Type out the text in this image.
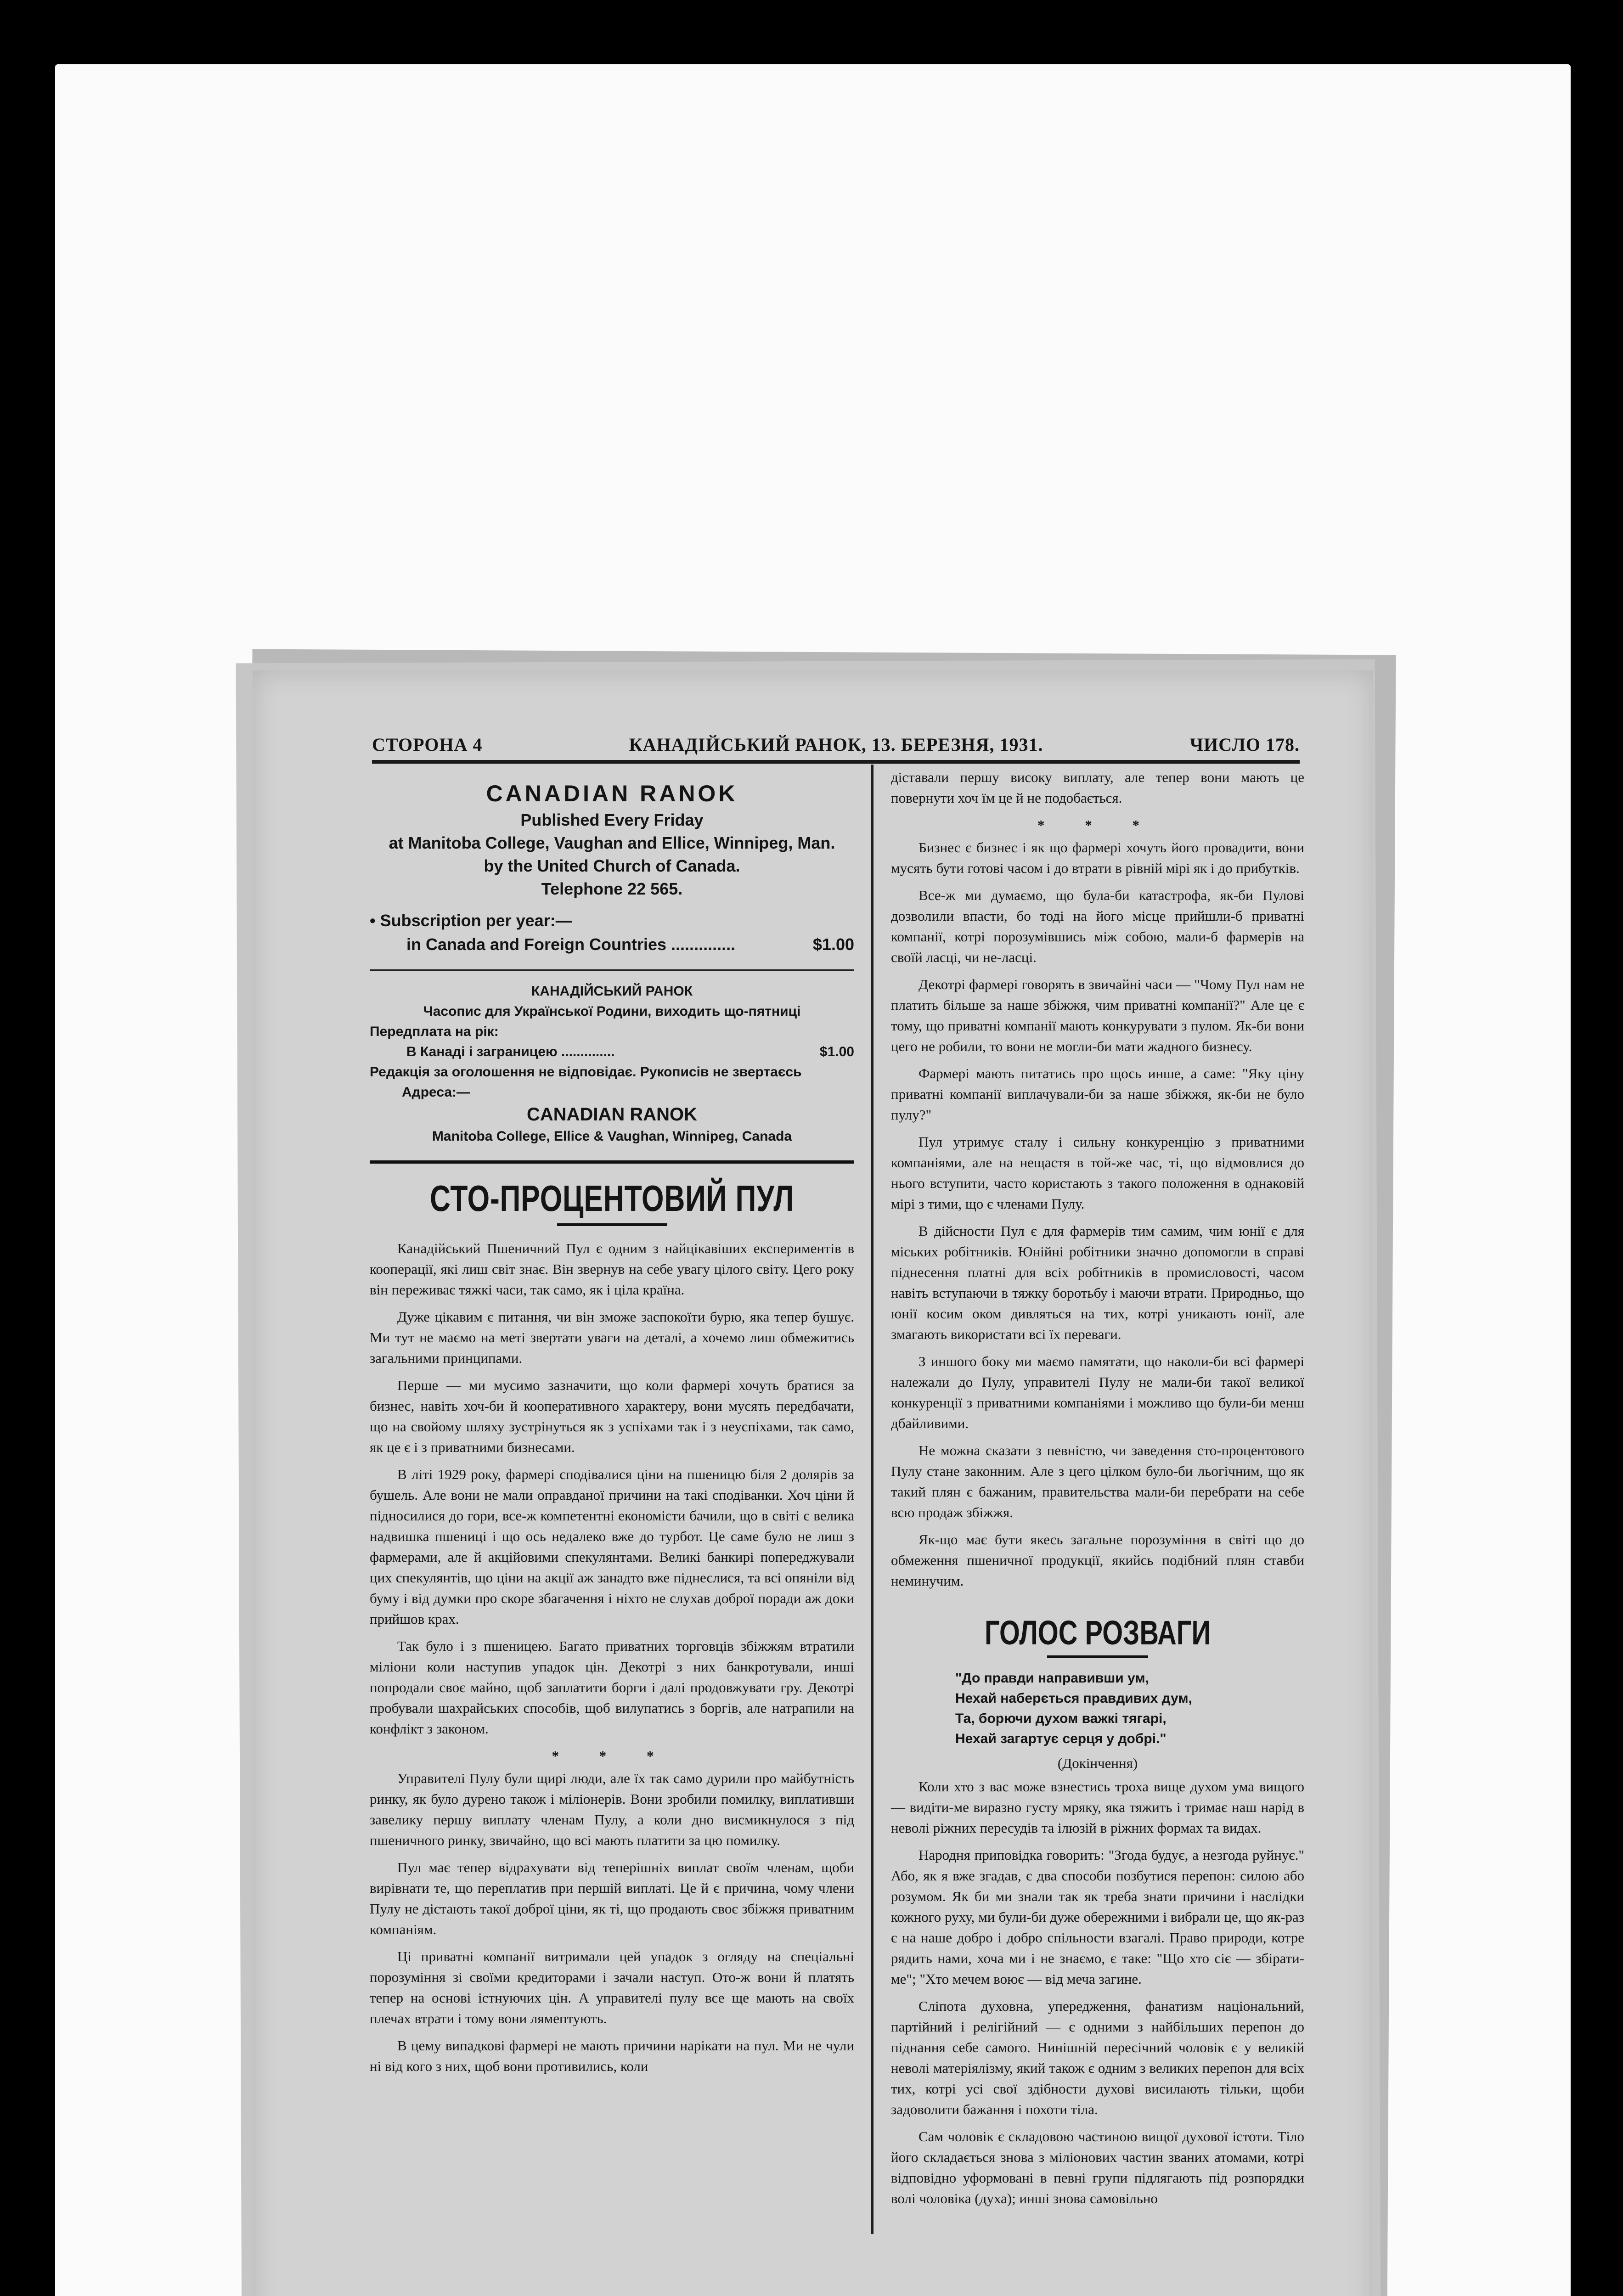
СТОРОНА 4	КАНАДІЙСЬКИЙ РАНОК, 13. БЕРЕЗНЯ, 1931.	ЧИСЛО 178.
CANADIAN RANOK
Published Every Friday
at Manitoba College, Vaughan and Ellice, Winnipeg, Man.
by the United Church of Canada.
Telephone 22 565.
• Subscription per year:—
in Canada and Foreign Countries ..............	$1.00
КАНАДІЙСЬКИЙ РАНОК
Часопис для Української Родини, виходить що-пятниці
Передплата на рік:
В Канаді і заграницею ..............	$1.00
Редакція за оголошення не відповідає. Рукописів не звертаєсь
Адреса:—
CANADIAN RANOK
Manitoba College, Ellice & Vaughan, Winnipeg, Canada
СТО-ПРОЦЕНТОВИЙ ПУЛ

Канадійський Пшеничний Пул є одним з найцікавіших експериментів в кооперації, які лиш світ знає. Він звернув на себе увагу цілого світу. Цего року він переживає тяжкі часи, так само, як і ціла країна.

Дуже цікавим є питання, чи він зможе заспокоїти бурю, яка тепер бушує. Ми тут не маємо на меті звертати уваги на деталі, а хочемо лиш обмежитись загальними принципами.

Перше — ми мусимо зазначити, що коли фармері хочуть братися за бизнес, навіть хоч-би й кооперативного характеру, вони мусять передбачати, що на свойому шляху зустрінуться як з успіхами так і з неуспіхами, так само, як це є і з приватними бизнесами.

В літі 1929 року, фармері сподівалися ціни на пшеницю біля 2 долярів за бушель. Але вони не мали оправданої причини на такі сподіванки. Хоч ціни й підносилися до гори, все-ж компетентні економісти бачили, що в світі є велика надвишка пшениці і що ось недалеко вже до турбот. Це саме було не лиш з фармерами, але й акційовими спекулянтами. Великі банкирі попереджували цих спекулянтів, що ціни на акції аж занадто вже піднеслися, та всі опяніли від буму і від думки про скоре збагачення і ніхто не слухав доброї поради аж доки прийшов крах.

Так було і з пшеницею. Багато приватних торговців збіжжям втратили міліони коли наступив упадок цін. Декотрі з них банкротували, инші попродали своє майно, щоб заплатити борги і далі продовжувати гру. Декотрі пробували шахрайських способів, щоб вилупатись з боргів, але натрапили на конфлікт з законом.

* * *

Управителі Пулу були щирі люди, але їх так само дурили про майбутність ринку, як було дурено також і міліонерів. Вони зробили помилку, виплативши завелику першу виплату членам Пулу, а коли дно висмикнулося з під пшеничного ринку, звичайно, що всі мають платити за цю помилку.

Пул має тепер відрахувати від теперішніх виплат своїм членам, щоби вирівнати те, що переплатив при першій виплаті. Це й є причина, чому члени Пулу не дістають такої доброї ціни, як ті, що продають своє збіжжя приватним компаніям.

Ці приватні компанії витримали цей упадок з огляду на спеціальні порозуміння зі своїми кредиторами і зачали наступ. Ото-ж вони й платять тепер на основі істнуючих цін. А управителі пулу все ще мають на своїх плечах втрати і тому вони лямептують.

В цему випадкові фармері не мають причини нарікати на пул. Ми не чули ні від кого з них, щоб вони противились, коли

діставали першу високу виплату, але тепер вони мають це повернути хоч їм це й не подобається.

* * *

Бизнес є бизнес і як що фармері хочуть його провадити, вони мусять бути готові часом і до втрати в рівній мірі як і до прибутків.

Все-ж ми думаємо, що була-би катастрофа, як-би Пулові дозволили впасти, бо тоді на його місце прийшли-б приватні компанії, котрі порозумівшись між собою, мали-б фармерів на своїй ласці, чи не-ласці.

Декотрі фармері говорять в звичайні часи — "Чому Пул нам не платить більше за наше збіжжя, чим приватні компанії?" Але це є тому, що приватні компанії мають конкурувати з пулом. Як-би вони цего не робили, то вони не могли-би мати жадного бизнесу.

Фармері мають питатись про щось инше, а саме: "Яку ціну приватні компанії виплачували-би за наше збіжжя, як-би не було пулу?"

Пул утримує сталу і сильну конкуренцію з приватними компаніями, але на нещастя в той-же час, ті, що відмовлися до нього вступити, часто користають з такого положення в однаковій мірі з тими, що є членами Пулу.

В дійсности Пул є для фармерів тим самим, чим юнії є для міських робітників. Юнійні робітники значно допомогли в справі піднесення платні для всіх робітників в промисловості, часом навіть вступаючи в тяжку боротьбу і маючи втрати. Природньо, що юнії косим оком дивляться на тих, котрі уникають юнії, але змагають використати всі їх переваги.

З иншого боку ми маємо памятати, що наколи-би всі фармері належали до Пулу, управителі Пулу не мали-би такої великої конкуренції з приватними компаніями і можливо що були-би менш дбайливими.

Не можна сказати з певністю, чи заведення сто-процентового Пулу стане законним. Але з цего цілком було-би льогічним, що як такий плян є бажаним, правительства мали-би перебрати на себе всю продаж збіжжя.

Як-що має бути якесь загальне порозуміння в світі що до обмеження пшеничної продукції, якийсь подібний плян ставби неминучим.

ГОЛОС РОЗВАГИ
"До правди направивши ум,
Нехай наберється правдивих дум,
Та, борючи духом важкі тягарі,
Нехай загартує серця у добрі."
(Докінчення)

Коли хто з вас може взнестись троха вище духом ума вищого — видіти-ме виразно густу мряку, яка тяжить і тримає наш нарід в неволі ріжних пересудів та ілюзій в ріжних формах та видах.

Народня приповідка говорить: "Згода будує, а незгода руйнує." Або, як я вже згадав, є два способи позбутися перепон: силою або розумом. Як би ми знали так як треба знати причини і наслідки кожного руху, ми були-би дуже обережними і вибрали це, що як-раз є на наше добро і добро спільности взагалі. Право природи, котре рядить нами, хоча ми і не знаємо, є таке: "Що хто сіє — збірати-ме"; "Хто мечем воює — від меча загине.

Сліпота духовна, упередження, фанатизм національний, партійний і релігійний — є одними з найбільших перепон до піднання себе самого. Нинішній пересічний чоловік є у великій неволі матеріялізму, який також є одним з великих перепон для всіх тих, котрі усі свої здібности духові висилають тільки, щоби задоволити бажання і похоти тіла.

Сам чоловік є складовою частиною вищої духової істоти. Тіло його складається знова з міліонових частин званих атомами, котрі відповідно уформовані в певні групи підлягають під розпорядки волі чоловіка (духа); инші знова самовільно
